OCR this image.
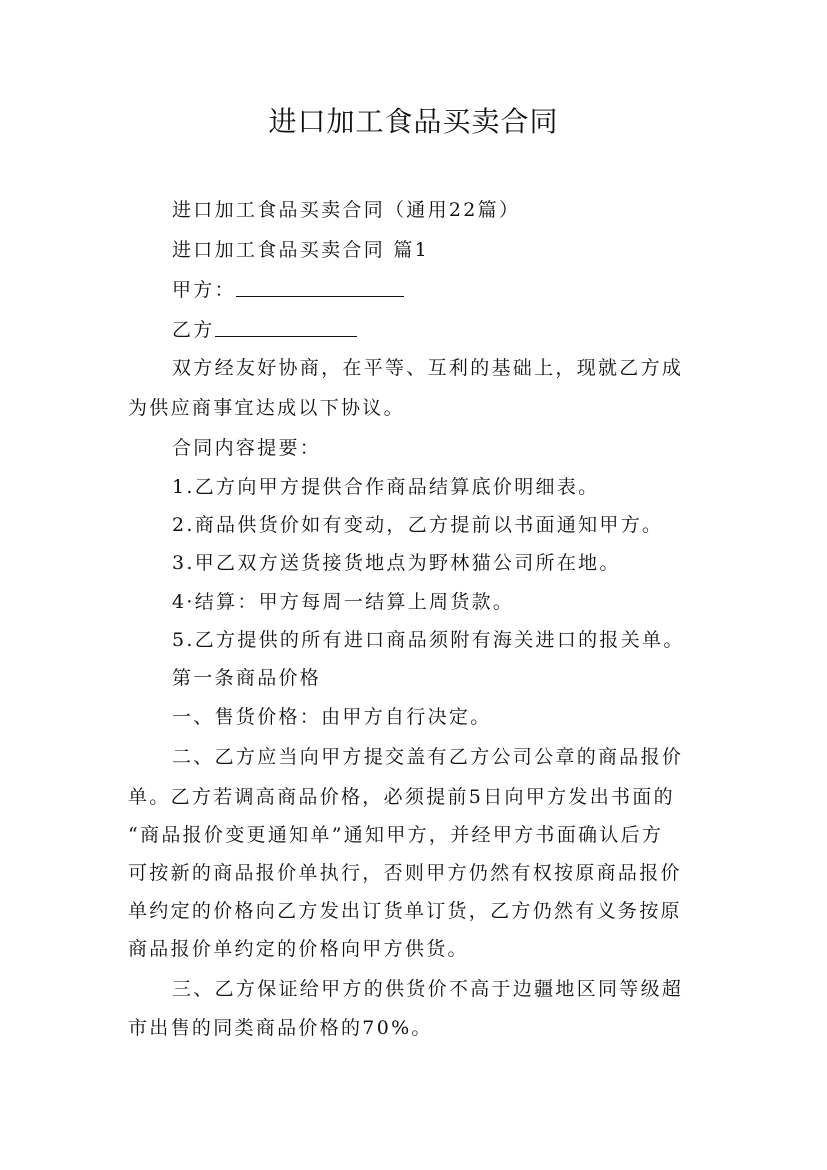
进口加工食品买卖合同
进口加工食品买卖合同（通用22篇）
进口加工食品买卖合同 篇1
甲方：
乙方
双方经友好协商，在平等、互利的基础上，现就乙方成
为供应商事宜达成以下协议。
合同内容提要：
1.乙方向甲方提供合作商品结算底价明细表。
2.商品供货价如有变动，乙方提前以书面通知甲方。
3.甲乙双方送货接货地点为野林猫公司所在地。
4·结算：甲方每周一结算上周货款。
5.乙方提供的所有进口商品须附有海关进口的报关单。
第一条商品价格
一、售货价格：由甲方自行决定。
二、乙方应当向甲方提交盖有乙方公司公章的商品报价
单。乙方若调高商品价格，必须提前5日向甲方发出书面的
“商品报价变更通知单”通知甲方，并经甲方书面确认后方
可按新的商品报价单执行，否则甲方仍然有权按原商品报价
单约定的价格向乙方发出订货单订货，乙方仍然有义务按原
商品报价单约定的价格向甲方供货。
三、乙方保证给甲方的供货价不高于边疆地区同等级超
市出售的同类商品价格的70%。
